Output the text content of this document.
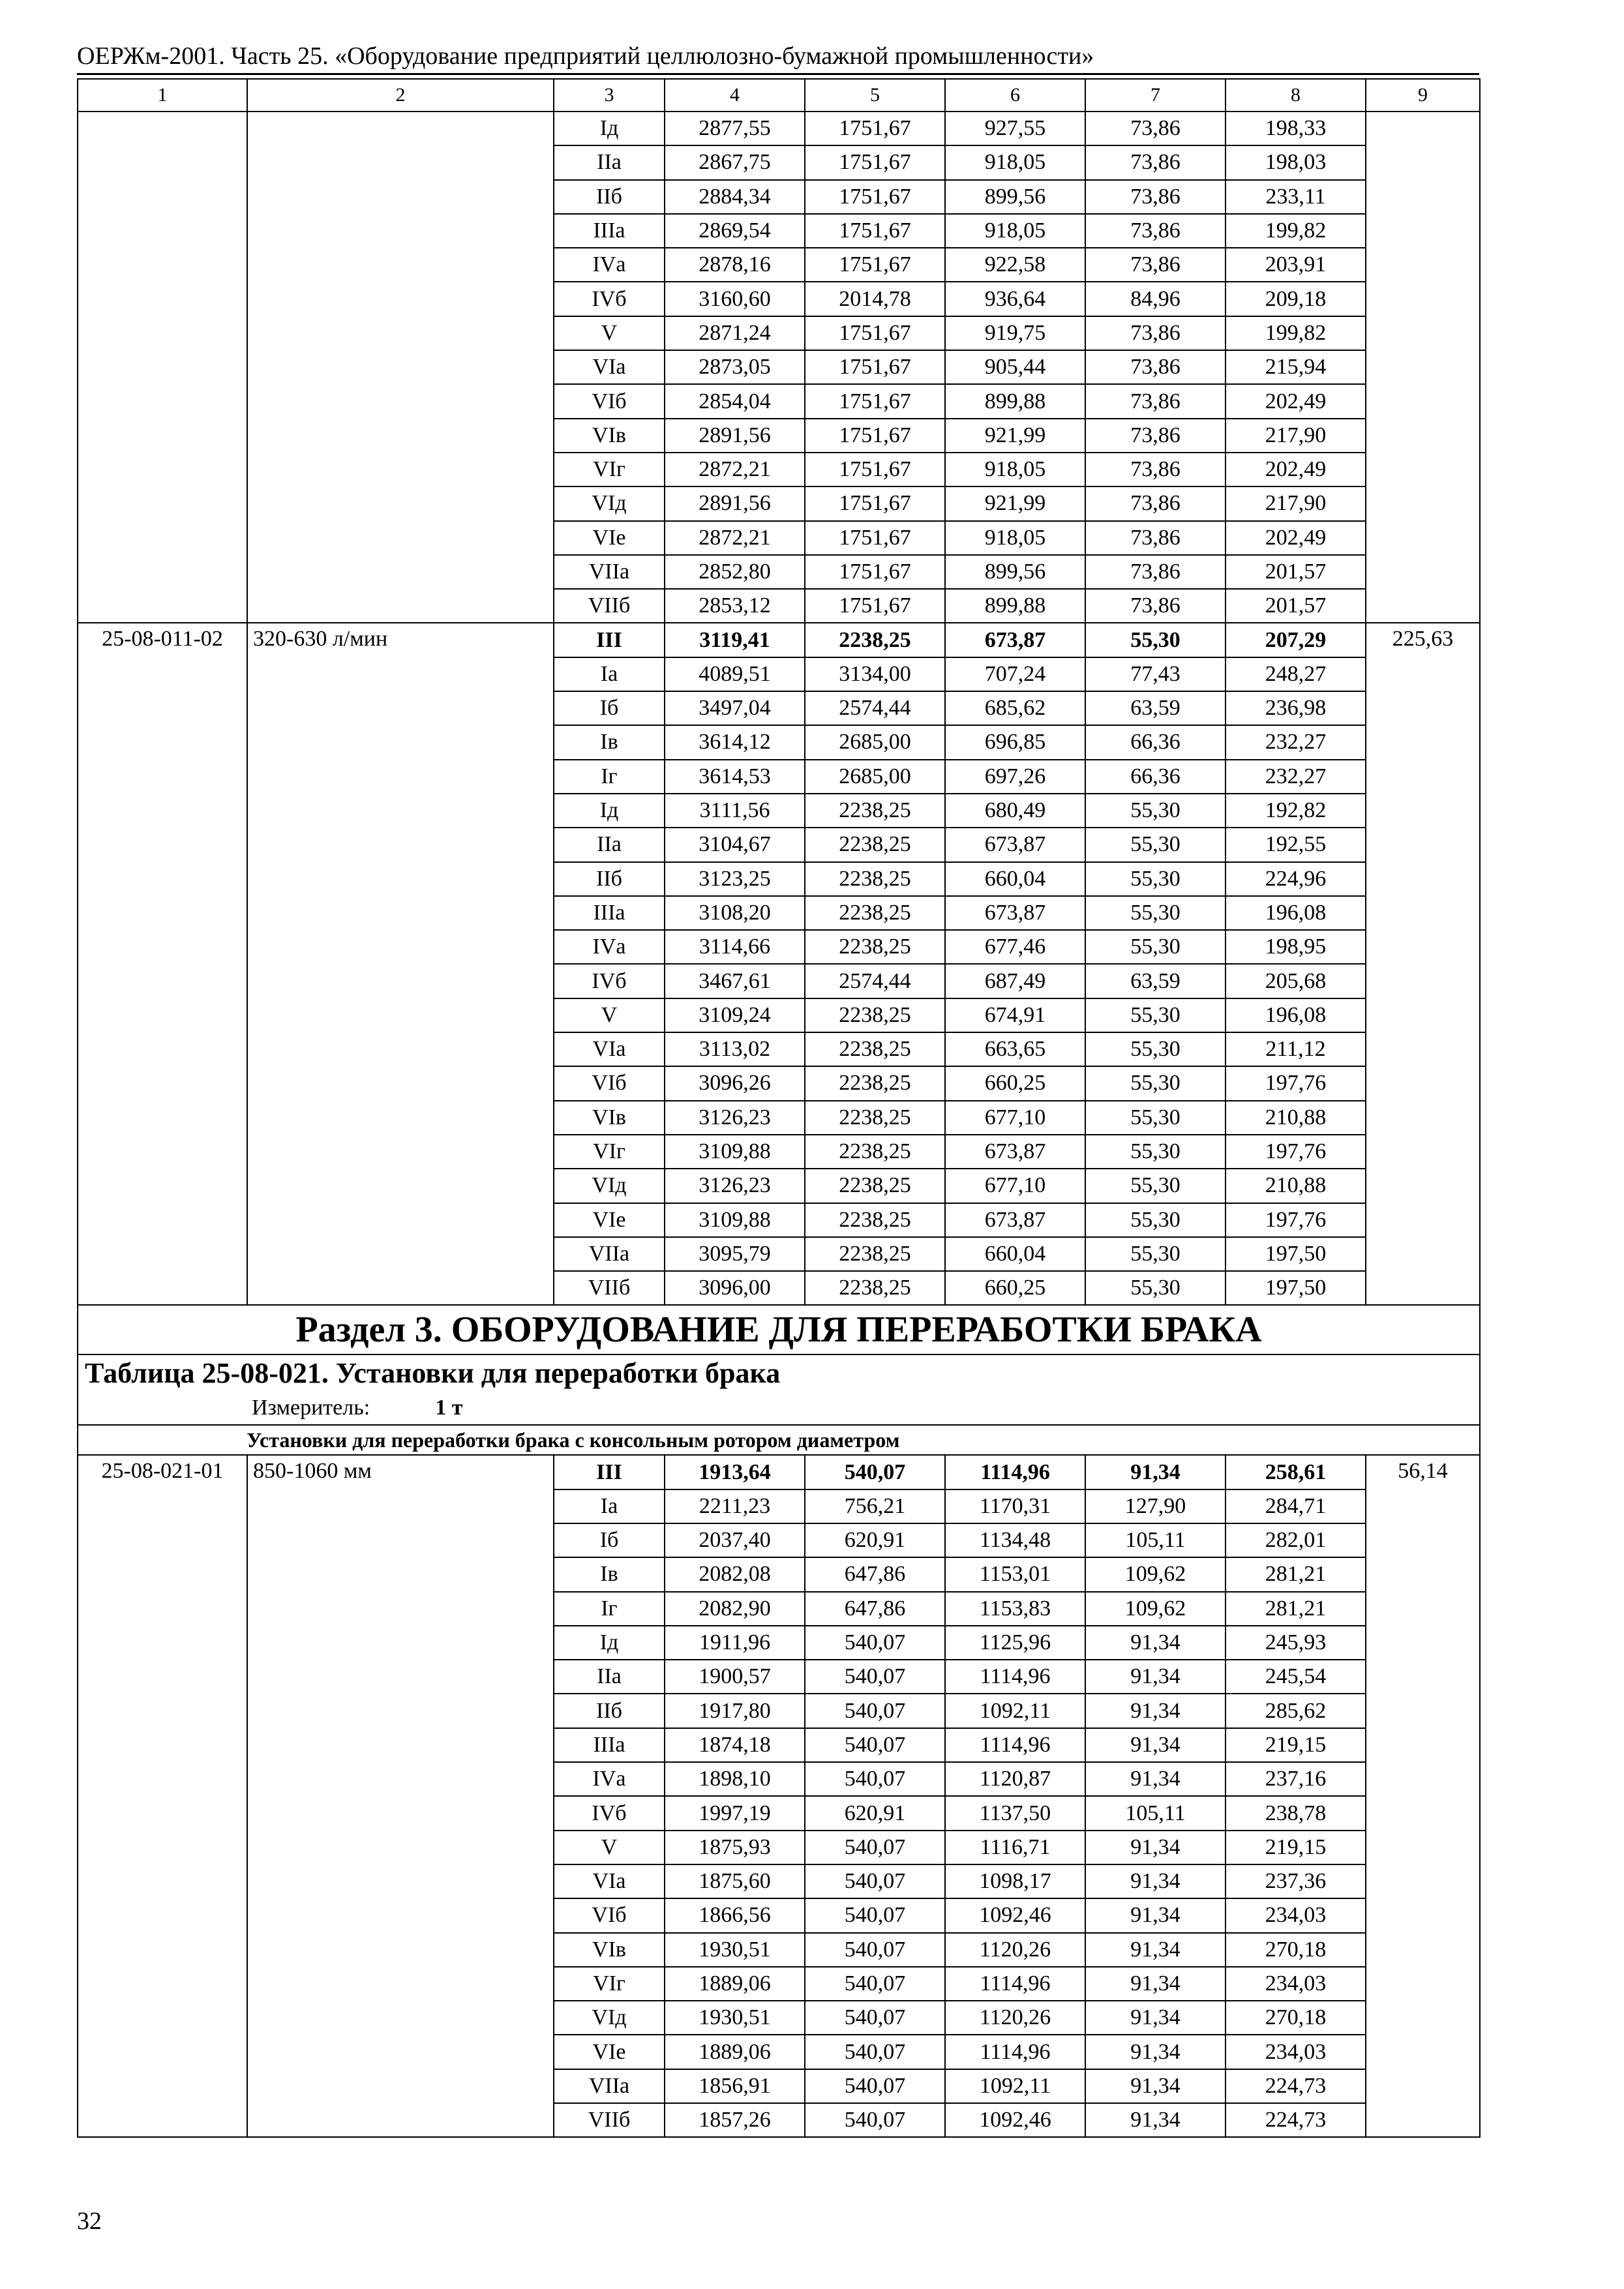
ОЕРЖм-2001. Часть 25. «Оборудование предприятий целлюлозно-бумажной промышленности»
1	2	3	4	5	6	7	8	9
		Iд	2877,55	1751,67	927,55	73,86	198,33	
		IIа	2867,75	1751,67	918,05	73,86	198,03	
		IIб	2884,34	1751,67	899,56	73,86	233,11	
		IIIа	2869,54	1751,67	918,05	73,86	199,82	
		IVа	2878,16	1751,67	922,58	73,86	203,91	
		IVб	3160,60	2014,78	936,64	84,96	209,18	
		V	2871,24	1751,67	919,75	73,86	199,82	
		VIа	2873,05	1751,67	905,44	73,86	215,94	
		VIб	2854,04	1751,67	899,88	73,86	202,49	
		VIв	2891,56	1751,67	921,99	73,86	217,90	
		VIг	2872,21	1751,67	918,05	73,86	202,49	
		VIд	2891,56	1751,67	921,99	73,86	217,90	
		VIе	2872,21	1751,67	918,05	73,86	202,49	
		VIIа	2852,80	1751,67	899,56	73,86	201,57	
		VIIб	2853,12	1751,67	899,88	73,86	201,57	
25-08-011-02	320-630 л/мин	III	3119,41	2238,25	673,87	55,30	207,29	225,63
		Iа	4089,51	3134,00	707,24	77,43	248,27	
		Iб	3497,04	2574,44	685,62	63,59	236,98	
		Iв	3614,12	2685,00	696,85	66,36	232,27	
		Iг	3614,53	2685,00	697,26	66,36	232,27	
		Iд	3111,56	2238,25	680,49	55,30	192,82	
		IIа	3104,67	2238,25	673,87	55,30	192,55	
		IIб	3123,25	2238,25	660,04	55,30	224,96	
		IIIа	3108,20	2238,25	673,87	55,30	196,08	
		IVа	3114,66	2238,25	677,46	55,30	198,95	
		IVб	3467,61	2574,44	687,49	63,59	205,68	
		V	3109,24	2238,25	674,91	55,30	196,08	
		VIа	3113,02	2238,25	663,65	55,30	211,12	
		VIб	3096,26	2238,25	660,25	55,30	197,76	
		VIв	3126,23	2238,25	677,10	55,30	210,88	
		VIг	3109,88	2238,25	673,87	55,30	197,76	
		VIд	3126,23	2238,25	677,10	55,30	210,88	
		VIе	3109,88	2238,25	673,87	55,30	197,76	
		VIIа	3095,79	2238,25	660,04	55,30	197,50	
		VIIб	3096,00	2238,25	660,25	55,30	197,50	
Раздел 3. ОБОРУДОВАНИЕ ДЛЯ ПЕРЕРАБОТКИ БРАКА								
Таблица 25-08-021. Установки для переработки брака								
Измеритель: 1 т								
Установки для переработки брака с консольным ротором диаметром								
25-08-021-01	850-1060 мм	III	1913,64	540,07	1114,96	91,34	258,61	56,14
		Iа	2211,23	756,21	1170,31	127,90	284,71	
		Iб	2037,40	620,91	1134,48	105,11	282,01	
		Iв	2082,08	647,86	1153,01	109,62	281,21	
		Iг	2082,90	647,86	1153,83	109,62	281,21	
		Iд	1911,96	540,07	1125,96	91,34	245,93	
		IIа	1900,57	540,07	1114,96	91,34	245,54	
		IIб	1917,80	540,07	1092,11	91,34	285,62	
		IIIа	1874,18	540,07	1114,96	91,34	219,15	
		IVа	1898,10	540,07	1120,87	91,34	237,16	
		IVб	1997,19	620,91	1137,50	105,11	238,78	
		V	1875,93	540,07	1116,71	91,34	219,15	
		VIа	1875,60	540,07	1098,17	91,34	237,36	
		VIб	1866,56	540,07	1092,46	91,34	234,03	
		VIв	1930,51	540,07	1120,26	91,34	270,18	
		VIг	1889,06	540,07	1114,96	91,34	234,03	
		VIд	1930,51	540,07	1120,26	91,34	270,18	
		VIе	1889,06	540,07	1114,96	91,34	234,03	
		VIIа	1856,91	540,07	1092,11	91,34	224,73	
		VIIб	1857,26	540,07	1092,46	91,34	224,73	
32
